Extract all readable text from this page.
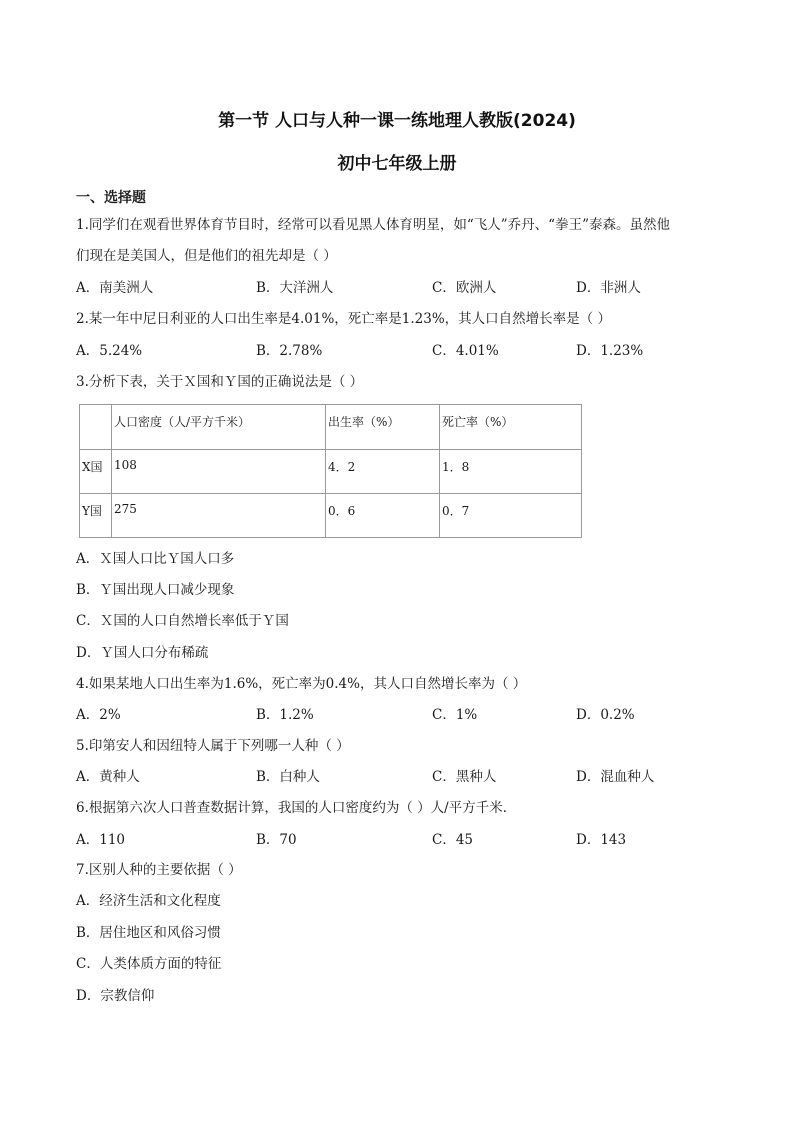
第一节 人口与人种一课一练地理人教版(2024)
初中七年级上册
一、选择题
1.同学们在观看世界体育节目时，经常可以看见黑人体育明星，如“飞人”乔丹、“拳王”泰森。虽然他
们现在是美国人，但是他们的祖先却是（ ）
A．南美洲人	B．大洋洲人	C．欧洲人	D．非洲人
2.某一年中尼日利亚的人口出生率是4.01%，死亡率是1.23%，其人口自然增长率是（ ）
A．5.24%	B．2.78%	C．4.01%	D．1.23%
3.分析下表，关于Ｘ国和Ｙ国的正确说法是（ ）
	人口密度（人/平方千米）	出生率（%）	死亡率（%）
X国	108	4．2	1．8
Y国	275	0．6	0．7
A．Ｘ国人口比Ｙ国人口多
B．Ｙ国出现人口减少现象
C．Ｘ国的人口自然增长率低于Ｙ国
D．Ｙ国人口分布稀疏
4.如果某地人口出生率为1.6%，死亡率为0.4%，其人口自然增长率为（ ）
A．2%	B．1.2%	C．1%	D．0.2%
5.印第安人和因纽特人属于下列哪一人种（ ）
A．黄种人	B．白种人	C．黑种人	D．混血种人
6.根据第六次人口普查数据计算，我国的人口密度约为（ ）人/平方千米．
A．110	B．70	C．45	D．143
7.区别人种的主要依据（ ）
A．经济生活和文化程度
B．居住地区和风俗习惯
C．人类体质方面的特征
D．宗教信仰
